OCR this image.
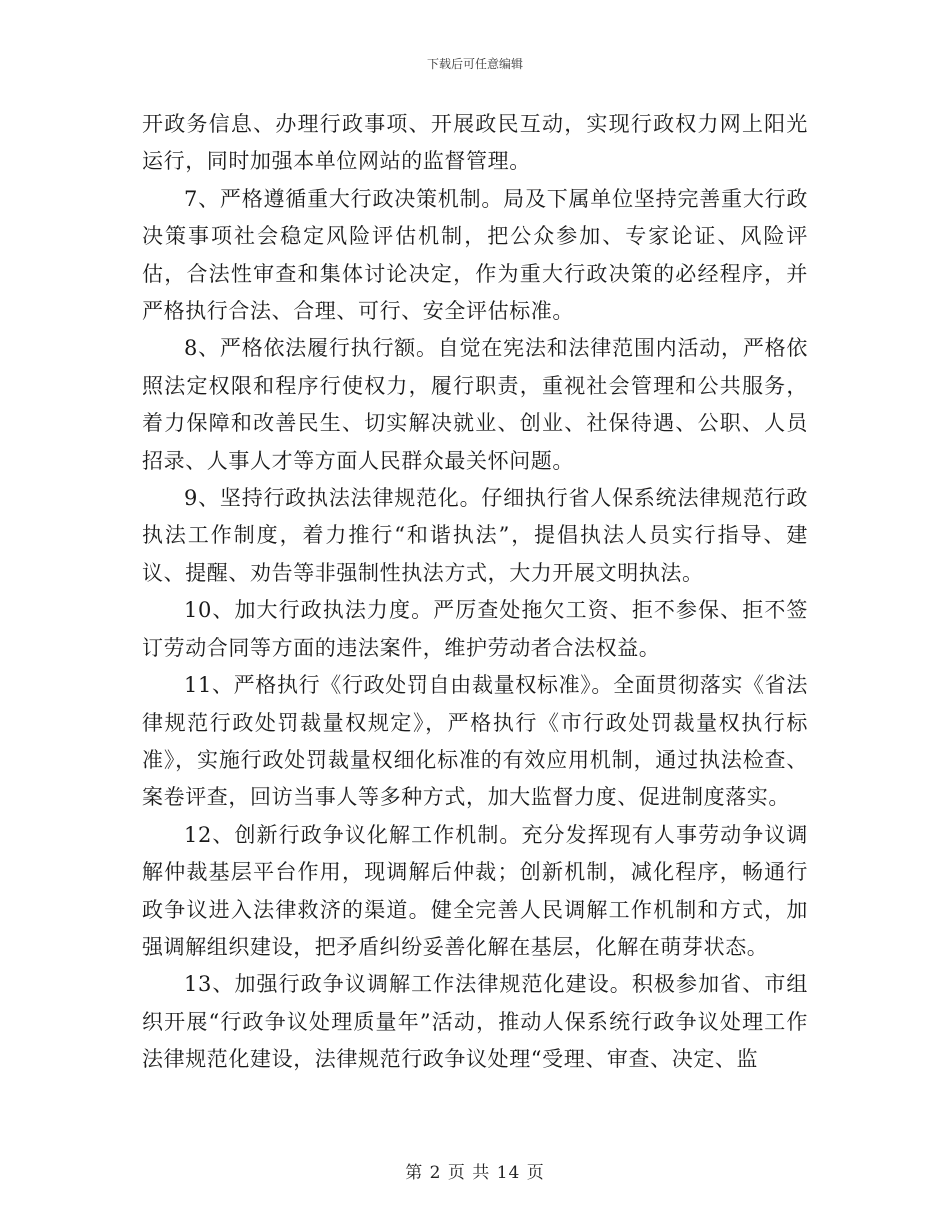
下载后可任意编辑

开政务信息、办理行政事项、开展政民互动，实现行政权力网上阳光运行，同时加强本单位网站的监督管理。

7、严格遵循重大行政决策机制。局及下属单位坚持完善重大行政决策事项社会稳定风险评估机制，把公众参加、专家论证、风险评估，合法性审查和集体讨论决定，作为重大行政决策的必经程序，并严格执行合法、合理、可行、安全评估标准。

8、严格依法履行执行额。自觉在宪法和法律范围内活动，严格依照法定权限和程序行使权力，履行职责，重视社会管理和公共服务，着力保障和改善民生、切实解决就业、创业、社保待遇、公职、人员招录、人事人才等方面人民群众最关怀问题。

9、坚持行政执法法律规范化。仔细执行省人保系统法律规范行政执法工作制度，着力推行“和谐执法”，提倡执法人员实行指导、建议、提醒、劝告等非强制性执法方式，大力开展文明执法。

10、加大行政执法力度。严厉查处拖欠工资、拒不参保、拒不签订劳动合同等方面的违法案件，维护劳动者合法权益。

11、严格执行《行政处罚自由裁量权标准》。全面贯彻落实《省法律规范行政处罚裁量权规定》，严格执行《市行政处罚裁量权执行标准》，实施行政处罚裁量权细化标准的有效应用机制，通过执法检查、案卷评查，回访当事人等多种方式，加大监督力度、促进制度落实。

12、创新行政争议化解工作机制。充分发挥现有人事劳动争议调解仲裁基层平台作用，现调解后仲裁；创新机制，减化程序，畅通行政争议进入法律救济的渠道。健全完善人民调解工作机制和方式，加强调解组织建设，把矛盾纠纷妥善化解在基层，化解在萌芽状态。

13、加强行政争议调解工作法律规范化建设。积极参加省、市组织开展“行政争议处理质量年”活动，推动人保系统行政争议处理工作法律规范化建设，法律规范行政争议处理“受理、审查、决定、监

第 2 页 共 14 页
